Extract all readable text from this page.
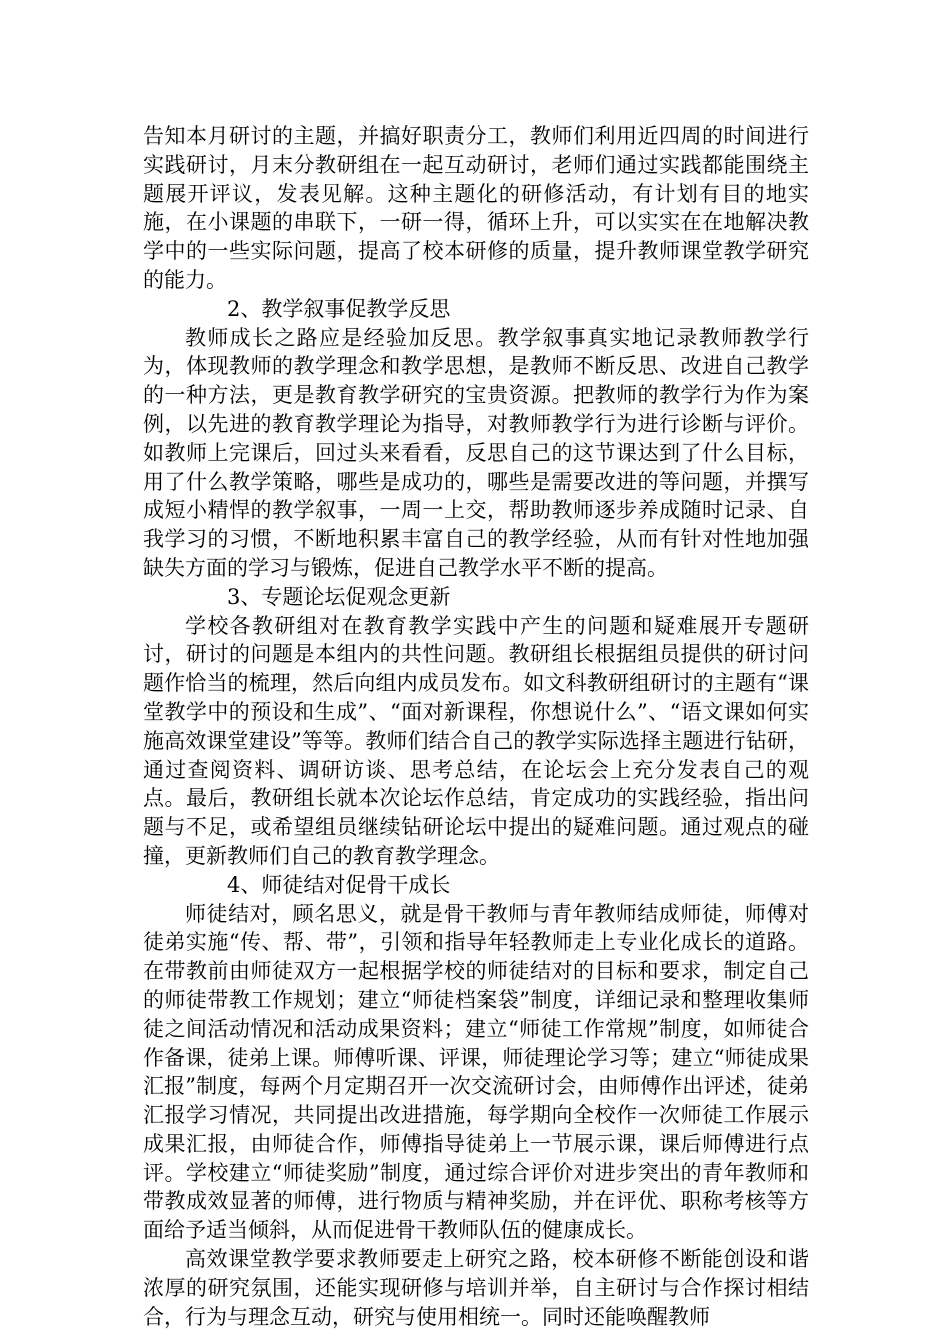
告知本月研讨的主题，并搞好职责分工，教师们利用近四周的时间进行实践研讨，月末分教研组在一起互动研讨，老师们通过实践都能围绕主题展开评议，发表见解。这种主题化的研修活动，有计划有目的地实施，在小课题的串联下，一研一得，循环上升，可以实实在在地解决教学中的一些实际问题，提高了校本研修的质量，提升教师课堂教学研究的能力。

2、教学叙事促教学反思

教师成长之路应是经验加反思。教学叙事真实地记录教师教学行为，体现教师的教学理念和教学思想，是教师不断反思、改进自己教学的一种方法，更是教育教学研究的宝贵资源。把教师的教学行为作为案例，以先进的教育教学理论为指导，对教师教学行为进行诊断与评价。如教师上完课后，回过头来看看，反思自己的这节课达到了什么目标，用了什么教学策略，哪些是成功的，哪些是需要改进的等问题，并撰写成短小精悍的教学叙事，一周一上交，帮助教师逐步养成随时记录、自我学习的习惯，不断地积累丰富自己的教学经验，从而有针对性地加强缺失方面的学习与锻炼，促进自己教学水平不断的提高。

3、专题论坛促观念更新

学校各教研组对在教育教学实践中产生的问题和疑难展开专题研讨，研讨的问题是本组内的共性问题。教研组长根据组员提供的研讨问题作恰当的梳理，然后向组内成员发布。如文科教研组研讨的主题有“课堂教学中的预设和生成”、“面对新课程，你想说什么”、“语文课如何实施高效课堂建设”等等。教师们结合自己的教学实际选择主题进行钻研，通过查阅资料、调研访谈、思考总结，在论坛会上充分发表自己的观点。最后，教研组长就本次论坛作总结，肯定成功的实践经验，指出问题与不足，或希望组员继续钻研论坛中提出的疑难问题。通过观点的碰撞，更新教师们自己的教育教学理念。

4、师徒结对促骨干成长

师徒结对，顾名思义，就是骨干教师与青年教师结成师徒，师傅对徒弟实施“传、帮、带”，引领和指导年轻教师走上专业化成长的道路。在带教前由师徒双方一起根据学校的师徒结对的目标和要求，制定自己的师徒带教工作规划；建立“师徒档案袋”制度，详细记录和整理收集师徒之间活动情况和活动成果资料；建立“师徒工作常规”制度，如师徒合作备课，徒弟上课。师傅听课、评课，师徒理论学习等；建立“师徒成果汇报”制度，每两个月定期召开一次交流研讨会，由师傅作出评述，徒弟汇报学习情况，共同提出改进措施，每学期向全校作一次师徒工作展示成果汇报，由师徒合作，师傅指导徒弟上一节展示课，课后师傅进行点评。学校建立“师徒奖励”制度，通过综合评价对进步突出的青年教师和带教成效显著的师傅，进行物质与精神奖励，并在评优、职称考核等方面给予适当倾斜，从而促进骨干教师队伍的健康成长。

高效课堂教学要求教师要走上研究之路，校本研修不断能创设和谐浓厚的研究氛围，还能实现研修与培训并举，自主研讨与合作探讨相结合，行为与理念互动，研究与使用相统一。同时还能唤醒教师
